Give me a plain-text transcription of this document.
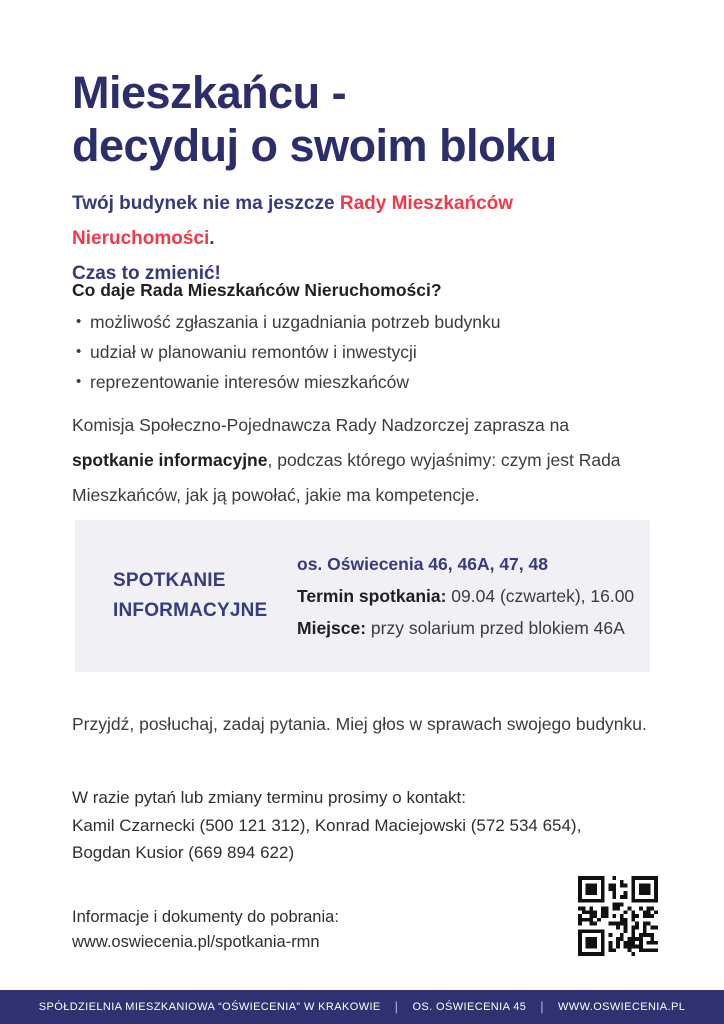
Mieszkańcu -
decyduj o swoim bloku

Twój budynek nie ma jeszcze Rady Mieszkańców Nieruchomości.
Czas to zmienić!

Co daje Rada Mieszkańców Nieruchomości?
• możliwość zgłaszania i uzgadniania potrzeb budynku
• udział w planowaniu remontów i inwestycji
• reprezentowanie interesów mieszkańców

Komisja Społeczno-Pojednawcza Rady Nadzorczej zaprasza na spotkanie informacyjne, podczas którego wyjaśnimy: czym jest Rada Mieszkańców, jak ją powołać, jakie ma kompetencje.

SPOTKANIE
INFORMACYJNE
os. Oświecenia 46, 46A, 47, 48
Termin spotkania: 09.04 (czwartek), 16.00
Miejsce: przy solarium przed blokiem 46A

Przyjdź, posłuchaj, zadaj pytania. Miej głos w sprawach swojego budynku.

W razie pytań lub zmiany terminu prosimy o kontakt:
Kamil Czarnecki (500 121 312), Konrad Maciejowski (572 534 654),
Bogdan Kusior (669 894 622)

Informacje i dokumenty do pobrania:
www.oswiecenia.pl/spotkania-rmn

SPÓŁDZIELNIA MIESZKANIOWA “OŚWIECENIA” W KRAKOWIE | OS. OŚWIECENIA 45 | WWW.OSWIECENIA.PL
